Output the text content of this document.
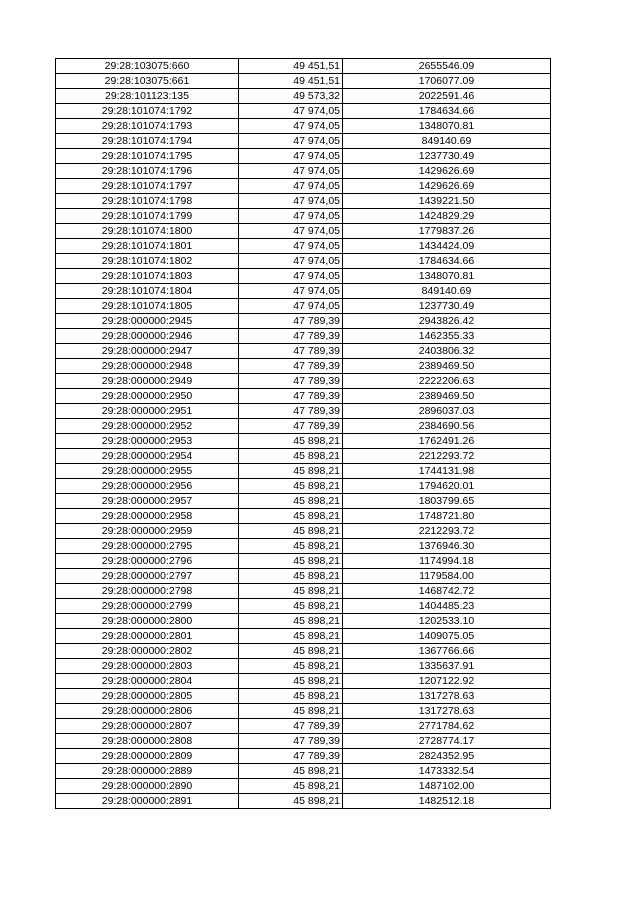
29:28:103075:660	49 451,51	2655546.09
29:28:103075:661	49 451,51	1706077.09
29:28:101123:135	49 573,32	2022591.46
29:28:101074:1792	47 974,05	1784634.66
29:28:101074:1793	47 974,05	1348070.81
29:28:101074:1794	47 974,05	849140.69
29:28:101074:1795	47 974,05	1237730.49
29:28:101074:1796	47 974,05	1429626.69
29:28:101074:1797	47 974,05	1429626.69
29:28:101074:1798	47 974,05	1439221.50
29:28:101074:1799	47 974,05	1424829.29
29:28:101074:1800	47 974,05	1779837.26
29:28:101074:1801	47 974,05	1434424.09
29:28:101074:1802	47 974,05	1784634.66
29:28:101074:1803	47 974,05	1348070.81
29:28:101074:1804	47 974,05	849140.69
29:28:101074:1805	47 974,05	1237730.49
29:28:000000:2945	47 789,39	2943826.42
29:28:000000:2946	47 789,39	1462355.33
29:28:000000:2947	47 789,39	2403806.32
29:28:000000:2948	47 789,39	2389469.50
29:28:000000:2949	47 789,39	2222206.63
29:28:000000:2950	47 789,39	2389469.50
29:28:000000:2951	47 789,39	2896037.03
29:28:000000:2952	47 789,39	2384690.56
29:28:000000:2953	45 898,21	1762491.26
29:28:000000:2954	45 898,21	2212293.72
29:28:000000:2955	45 898,21	1744131.98
29:28:000000:2956	45 898,21	1794620.01
29:28:000000:2957	45 898,21	1803799.65
29:28:000000:2958	45 898,21	1748721.80
29:28:000000:2959	45 898,21	2212293.72
29:28:000000:2795	45 898,21	1376946.30
29:28:000000:2796	45 898,21	1174994.18
29:28:000000:2797	45 898,21	1179584.00
29:28:000000:2798	45 898,21	1468742.72
29:28:000000:2799	45 898,21	1404485.23
29:28:000000:2800	45 898,21	1202533.10
29:28:000000:2801	45 898,21	1409075.05
29:28:000000:2802	45 898,21	1367766.66
29:28:000000:2803	45 898,21	1335637.91
29:28:000000:2804	45 898,21	1207122.92
29:28:000000:2805	45 898,21	1317278.63
29:28:000000:2806	45 898,21	1317278.63
29:28:000000:2807	47 789,39	2771784.62
29:28:000000:2808	47 789,39	2728774.17
29:28:000000:2809	47 789,39	2824352.95
29:28:000000:2889	45 898,21	1473332.54
29:28:000000:2890	45 898,21	1487102.00
29:28:000000:2891	45 898,21	1482512.18
